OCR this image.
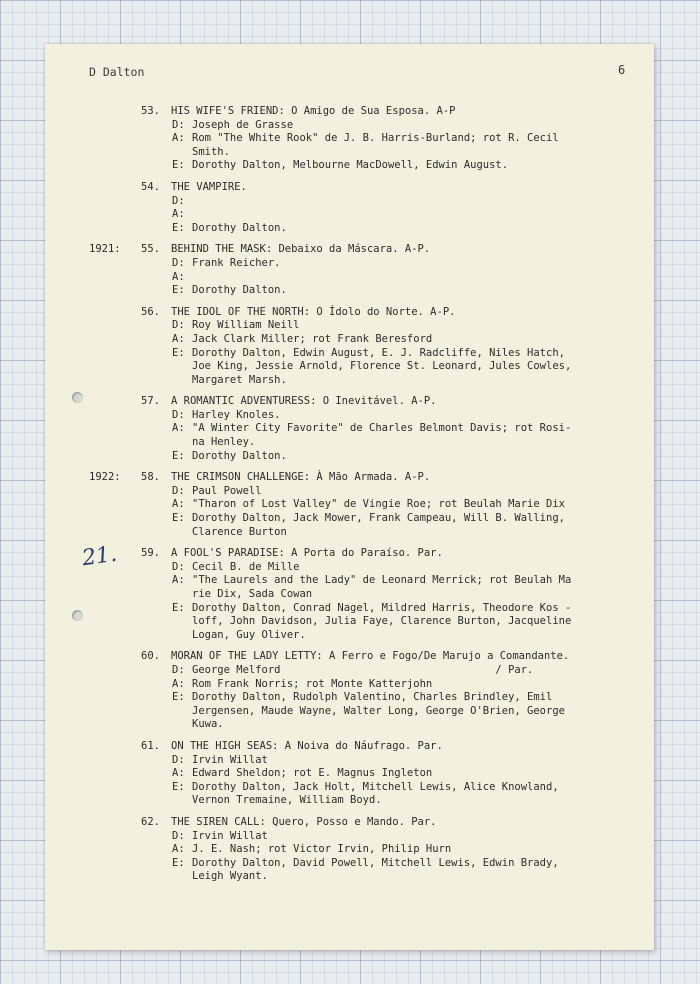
D Dalton	6

53. HIS WIFE'S FRIEND: O Amigo de Sua Esposa. A-P
D: Joseph de Grasse
A: Rom "The White Rook" de J. B. Harris-Burland; rot R. Cecil
Smith.
E: Dorothy Dalton, Melbourne MacDowell, Edwin August.

54. THE VAMPIRE.
D:
A:
E: Dorothy Dalton.

1921: 55. BEHIND THE MASK: Debaixo da Máscara. A-P.
D: Frank Reicher.
A:
E: Dorothy Dalton.

56. THE IDOL OF THE NORTH: O Ídolo do Norte. A-P.
D: Roy William Neill
A: Jack Clark Miller; rot Frank Beresford
E: Dorothy Dalton, Edwin August, E. J. Radcliffe, Niles Hatch,
Joe King, Jessie Arnold, Florence St. Leonard, Jules Cowles,
Margaret Marsh.

57. A ROMANTIC ADVENTURESS: O Inevitável. A-P.
D: Harley Knoles.
A: "A Winter City Favorite" de Charles Belmont Davis; rot Rosi-
na Henley.
E: Dorothy Dalton.

1922: 58. THE CRIMSON CHALLENGE: À Mão Armada. A-P.
D: Paul Powell
A: "Tharon of Lost Valley" de Vingie Roe; rot Beulah Marie Dix
E: Dorothy Dalton, Jack Mower, Frank Campeau, Will B. Walling,
Clarence Burton

59. A FOOL'S PARADISE: A Porta do Paraíso. Par.
D: Cecil B. de Mille
A: "The Laurels and the Lady" de Leonard Merrick; rot Beulah Ma
rie Dix, Sada Cowan
E: Dorothy Dalton, Conrad Nagel, Mildred Harris, Theodore Kos -
loff, John Davidson, Julia Faye, Clarence Burton, Jacqueline
Logan, Guy Oliver.

60. MORAN OF THE LADY LETTY: A Ferro e Fogo/De Marujo a Comandante.
D: George Melford                                  / Par.
A: Rom Frank Norris; rot Monte Katterjohn
E: Dorothy Dalton, Rudolph Valentino, Charles Brindley, Emil
Jergensen, Maude Wayne, Walter Long, George O'Brien, George
Kuwa.

61. ON THE HIGH SEAS: A Noiva do Náufrago. Par.
D: Irvin Willat
A: Edward Sheldon; rot E. Magnus Ingleton
E: Dorothy Dalton, Jack Holt, Mitchell Lewis, Alice Knowland,
Vernon Tremaine, William Boyd.

62. THE SIREN CALL: Quero, Posso e Mando. Par.
D: Irvin Willat
A: J. E. Nash; rot Victor Irvin, Philip Hurn
E: Dorothy Dalton, David Powell, Mitchell Lewis, Edwin Brady,
Leigh Wyant.
21.
